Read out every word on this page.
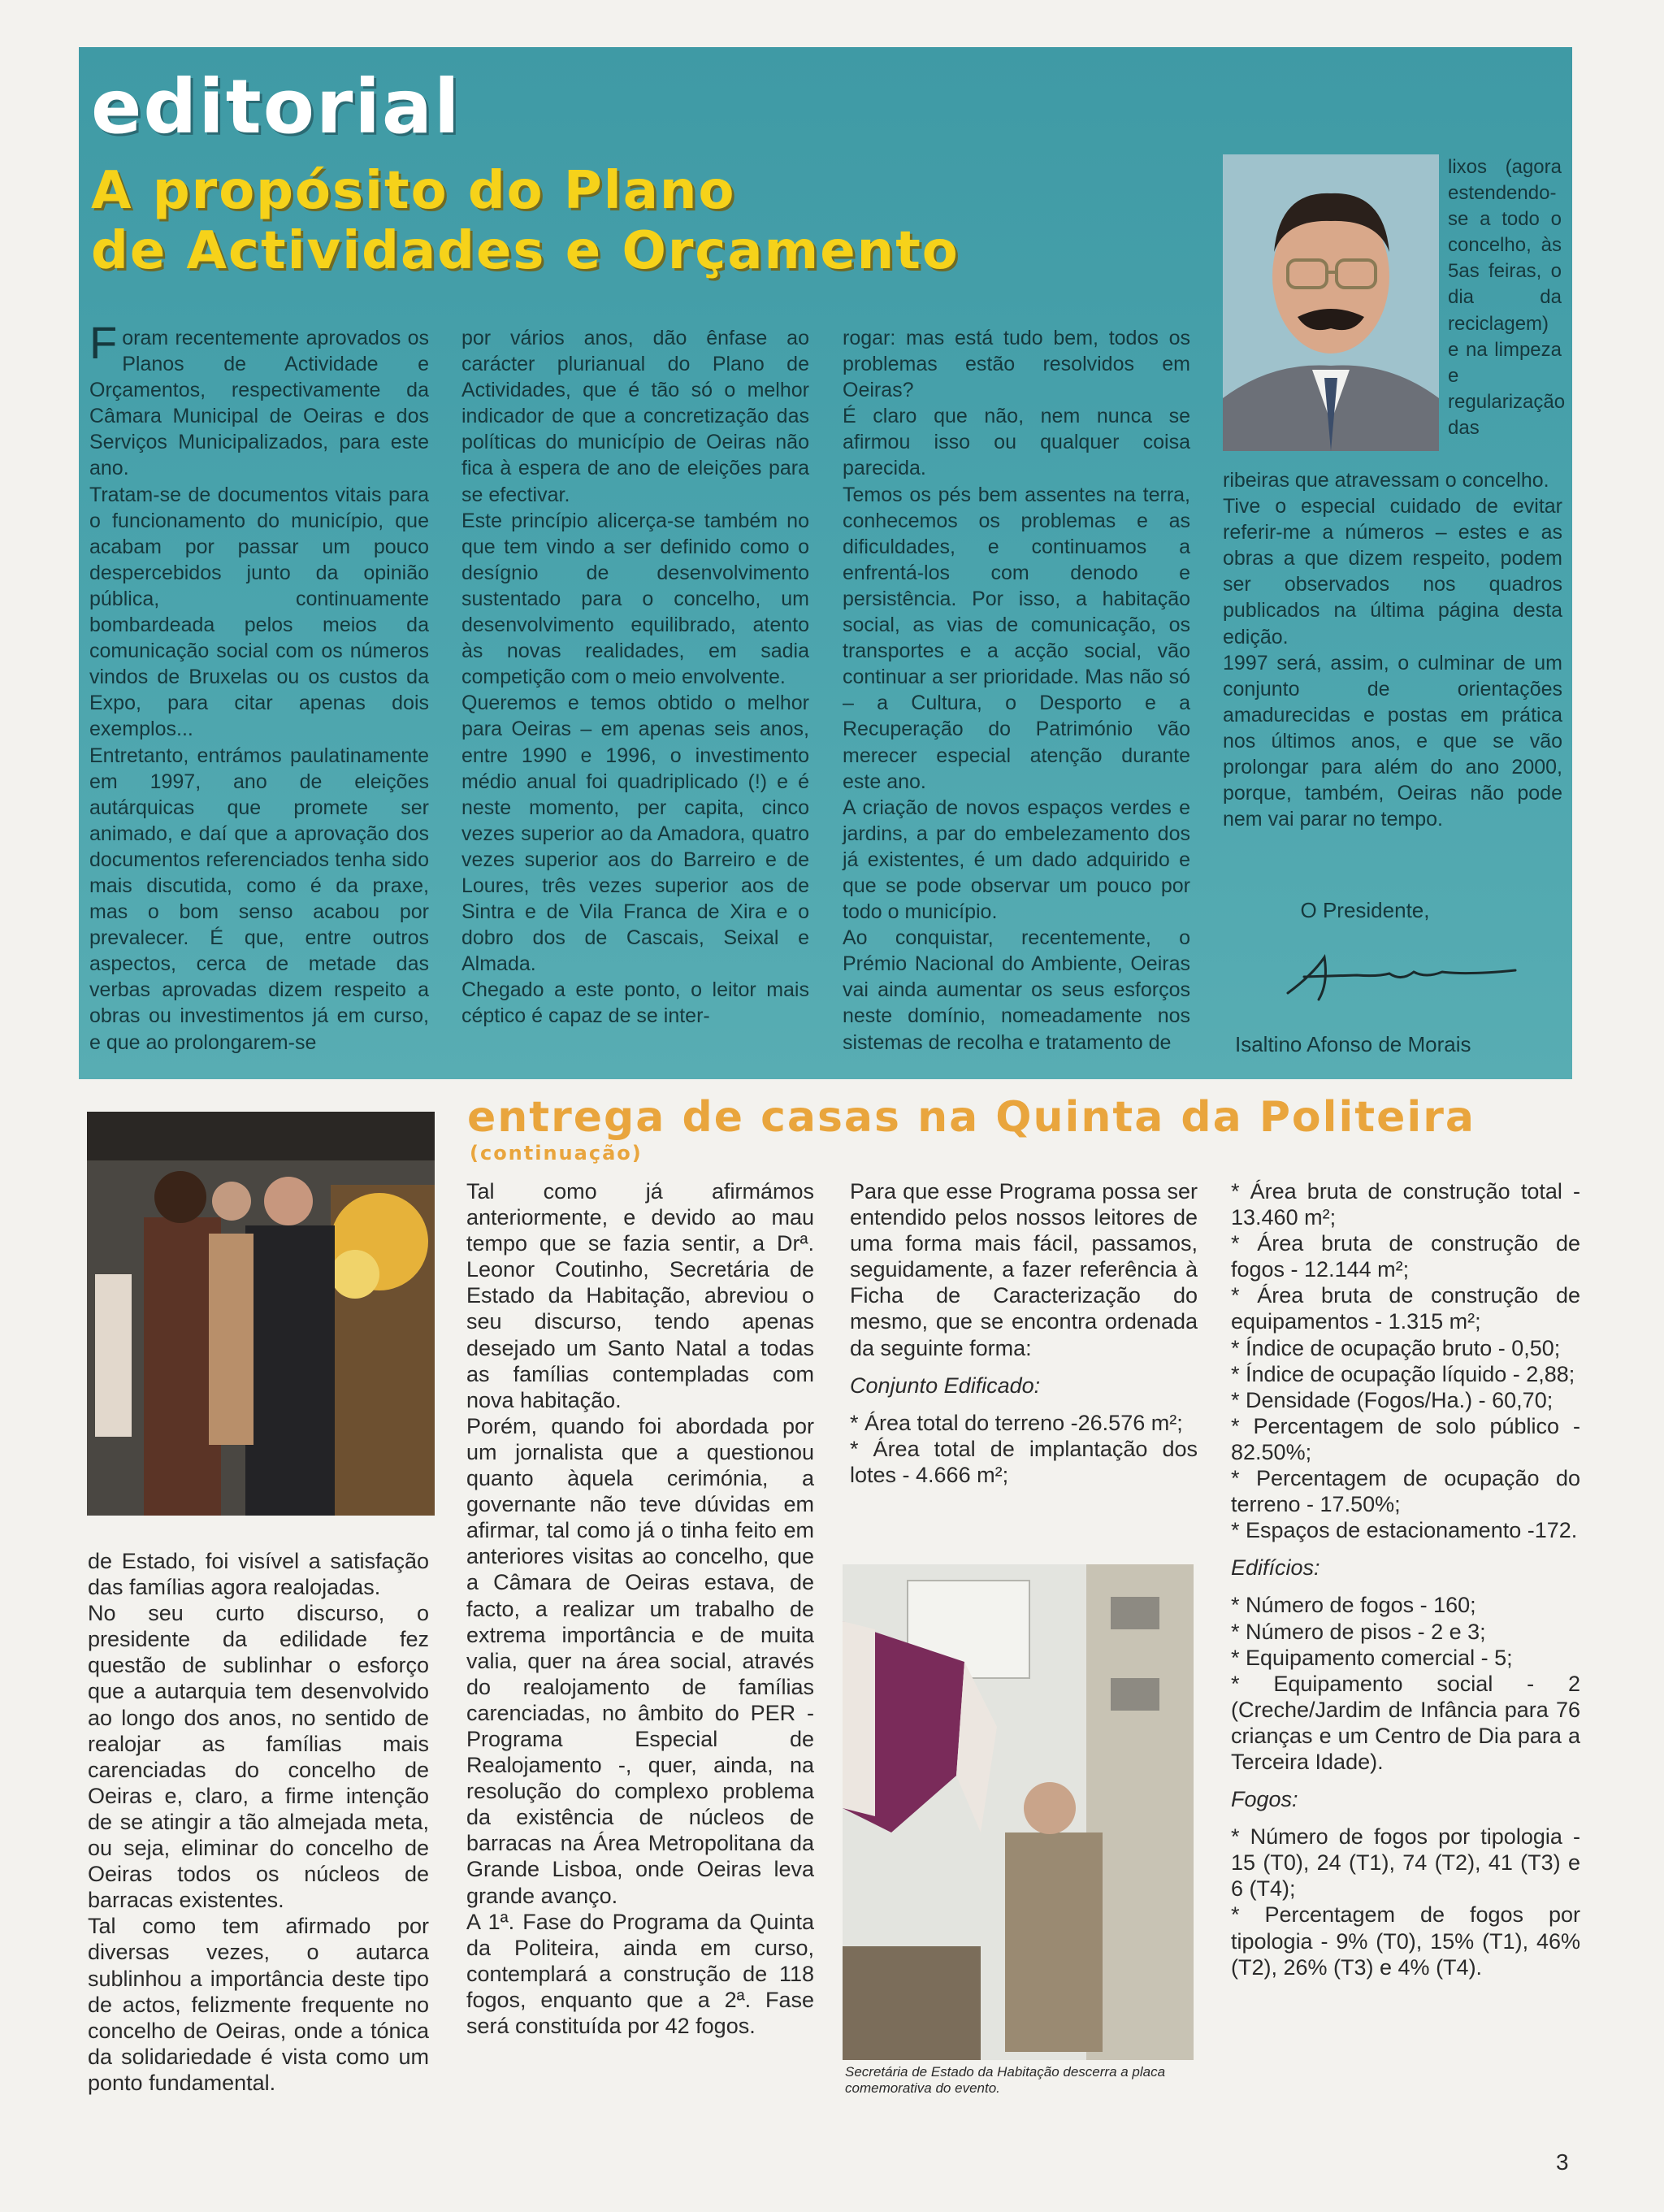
editorial
A propósito do Plano
de Actividades e Orçamento

Foram recentemente aprovados os Planos de Actividade e Orçamentos, respectivamente da Câmara Municipal de Oeiras e dos Serviços Municipalizados, para este ano.

Tratam-se de documentos vitais para o funcionamento do município, que acabam por passar um pouco despercebidos junto da opinião pública, continuamente bombardeada pelos meios da comunicação social com os números vindos de Bruxelas ou os custos da Expo, para citar apenas dois exemplos...

Entretanto, entrámos paulatinamente em 1997, ano de eleições autárquicas que promete ser animado, e daí que a aprovação dos documentos referenciados tenha sido mais discutida, como é da praxe, mas o bom senso acabou por prevalecer. É que, entre outros aspectos, cerca de metade das verbas aprovadas dizem respeito a obras ou investimentos já em curso, e que ao prolongarem-se

por vários anos, dão ênfase ao carácter plurianual do Plano de Actividades, que é tão só o melhor indicador de que a concretização das políticas do município de Oeiras não fica à espera de ano de eleições para se efectivar.

Este princípio alicerça-se também no que tem vindo a ser definido como o desígnio de desenvolvimento sustentado para o concelho, um desenvolvimento equilibrado, atento às novas realidades, em sadia competição com o meio envolvente.

Queremos e temos obtido o melhor para Oeiras – em apenas seis anos, entre 1990 e 1996, o investimento médio anual foi quadriplicado (!) e é neste momento, per capita, cinco vezes superior ao da Amadora, quatro vezes superior aos do Barreiro e de Loures, três vezes superior aos de Sintra e de Vila Franca de Xira e o dobro dos de Cascais, Seixal e Almada.

Chegado a este ponto, o leitor mais céptico é capaz de se inter-

rogar: mas está tudo bem, todos os problemas estão resolvidos em Oeiras?

É claro que não, nem nunca se afirmou isso ou qualquer coisa parecida.

Temos os pés bem assentes na terra, conhecemos os problemas e as dificuldades, e continuamos a enfrentá-los com denodo e persistência. Por isso, a habitação social, as vias de comunicação, os transportes e a acção social, vão continuar a ser prioridade. Mas não só – a Cultura, o Desporto e a Recuperação do Património vão merecer especial atenção durante este ano.

A criação de novos espaços verdes e jardins, a par do embelezamento dos já existentes, é um dado adquirido e que se pode observar um pouco por todo o município.

Ao conquistar, recentemente, o Prémio Nacional do Ambiente, Oeiras vai ainda aumentar os seus esforços neste domínio, nomeadamente nos sistemas de recolha e tratamento de

lixos (agora estendendo-se a todo o concelho, às 5as feiras, o dia da reciclagem) e na limpeza e regularização das

ribeiras que atravessam o concelho.

Tive o especial cuidado de evitar referir-me a números – estes e as obras a que dizem respeito, podem ser observados nos quadros publicados na última página desta edição.

1997 será, assim, o culminar de um conjunto de orientações amadurecidas e postas em prática nos últimos anos, e que se vão prolongar para além do ano 2000, porque, também, Oeiras não pode nem vai parar no tempo.

O Presidente,
Isaltino Afonso de Morais
entrega de casas na Quinta da Politeira
(continuação)

de Estado, foi visível a satisfação das famílias agora realojadas.

No seu curto discurso, o presidente da edilidade fez questão de sublinhar o esforço que a autarquia tem desenvolvido ao longo dos anos, no sentido de realojar as famílias mais carenciadas do concelho de Oeiras e, claro, a firme intenção de se atingir a tão almejada meta, ou seja, eliminar do concelho de Oeiras todos os núcleos de barracas existentes.

Tal como tem afirmado por diversas vezes, o autarca sublinhou a importância deste tipo de actos, felizmente frequente no concelho de Oeiras, onde a tónica da solidariedade é vista como um ponto fundamental.

Tal como já afirmámos anteriormente, e devido ao mau tempo que se fazia sentir, a Drª. Leonor Coutinho, Secretária de Estado da Habitação, abreviou o seu discurso, tendo apenas desejado um Santo Natal a todas as famílias contempladas com nova habitação.

Porém, quando foi abordada por um jornalista que a questionou quanto àquela cerimónia, a governante não teve dúvidas em afirmar, tal como já o tinha feito em anteriores visitas ao concelho, que a Câmara de Oeiras estava, de facto, a realizar um trabalho de extrema importância e de muita valia, quer na área social, através do realojamento de famílias carenciadas, no âmbito do PER - Programa Especial de Realojamento -, quer, ainda, na resolução do complexo problema da existência de núcleos de barracas na Área Metropolitana da Grande Lisboa, onde Oeiras leva grande avanço.

A 1ª. Fase do Programa da Quinta da Politeira, ainda em curso, contemplará a construção de 118 fogos, enquanto que a 2ª. Fase será constituída por 42 fogos.

Para que esse Programa possa ser entendido pelos nossos leitores de uma forma mais fácil, passamos, seguidamente, a fazer referência à Ficha de Caracterização do mesmo, que se encontra ordenada da seguinte forma:

Conjunto Edificado:

* Área total do terreno -26.576 m²;

* Área total de implantação dos lotes - 4.666 m²;

Secretária de Estado da Habitação descerra a placa comemorativa do evento.

* Área bruta de construção total - 13.460 m²;

* Área bruta de construção de fogos - 12.144 m²;

* Área bruta de construção de equipamentos - 1.315 m²;

* Índice de ocupação bruto - 0,50;

* Índice de ocupação líquido - 2,88;

* Densidade (Fogos/Ha.) - 60,70;

* Percentagem de solo público - 82.50%;

* Percentagem de ocupação do terreno - 17.50%;

* Espaços de estacionamento -172.

Edifícios:

* Número de fogos - 160;

* Número de pisos - 2 e 3;

* Equipamento comercial - 5;

* Equipamento social - 2 (Creche/Jardim de Infância para 76 crianças e um Centro de Dia para a Terceira Idade).

Fogos:

* Número de fogos por tipologia - 15 (T0), 24 (T1), 74 (T2), 41 (T3) e 6 (T4);

* Percentagem de fogos por tipologia - 9% (T0), 15% (T1), 46% (T2), 26% (T3) e 4% (T4).

3
